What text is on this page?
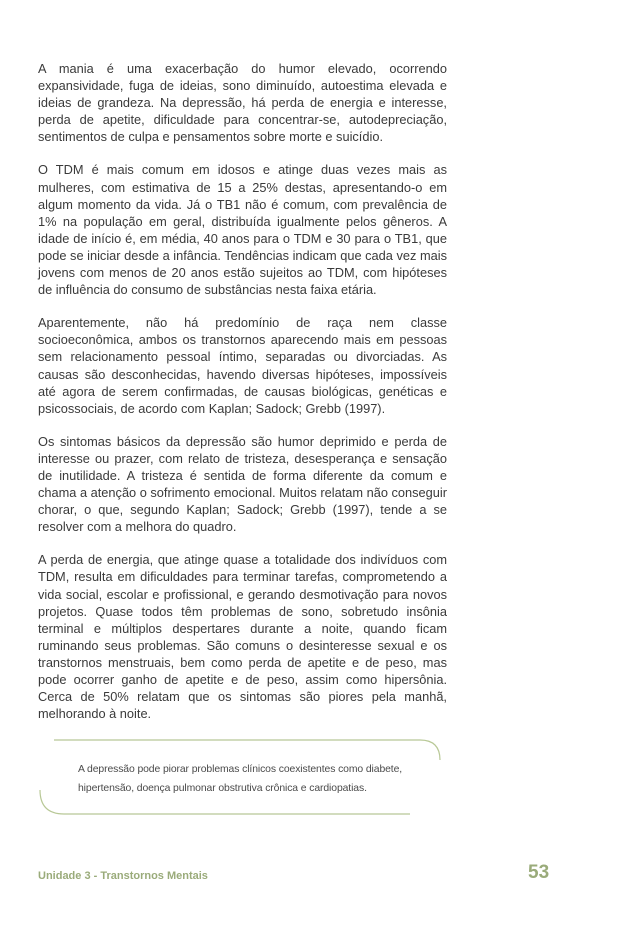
A mania é uma exacerbação do humor elevado, ocorrendo expansividade, fuga de ideias, sono diminuído, autoestima elevada e ideias de grandeza. Na depressão, há perda de energia e interesse, perda de apetite, dificuldade para concentrar-se, autodepreciação, sentimentos de culpa e pensamentos sobre morte e suicídio.

O TDM é mais comum em idosos e atinge duas vezes mais as mulheres, com estimativa de 15 a 25% destas, apresentando-o em algum momento da vida. Já o TB1 não é comum, com prevalência de 1% na população em geral, distribuída igualmente pelos gêneros. A idade de início é, em média, 40 anos para o TDM e 30 para o TB1, que pode se iniciar desde a infância. Tendências indicam que cada vez mais jovens com menos de 20 anos estão sujeitos ao TDM, com hipóteses de influência do consumo de substâncias nesta faixa etária.

Aparentemente, não há predomínio de raça nem classe socioeconômica, ambos os transtornos aparecendo mais em pessoas sem relacionamento pessoal íntimo, separadas ou divorciadas. As causas são desconhecidas, havendo diversas hipóteses, impossíveis até agora de serem confirmadas, de causas biológicas, genéticas e psicossociais, de acordo com Kaplan; Sadock; Grebb (1997).

Os sintomas básicos da depressão são humor deprimido e perda de interesse ou prazer, com relato de tristeza, desesperança e sensação de inutilidade. A tristeza é sentida de forma diferente da comum e chama a atenção o sofrimento emocional. Muitos relatam não conseguir chorar, o que, segundo Kaplan; Sadock; Grebb (1997), tende a se resolver com a melhora do quadro.

A perda de energia, que atinge quase a totalidade dos indivíduos com TDM, resulta em dificuldades para terminar tarefas, comprometendo a vida social, escolar e profissional, e gerando desmotivação para novos projetos. Quase todos têm problemas de sono, sobretudo insônia terminal e múltiplos despertares durante a noite, quando ficam ruminando seus problemas. São comuns o desinteresse sexual e os transtornos menstruais, bem como perda de apetite e de peso, mas pode ocorrer ganho de apetite e de peso, assim como hipersônia. Cerca de 50% relatam que os sintomas são piores pela manhã, melhorando à noite.

A depressão pode piorar problemas clínicos coexistentes como diabete, hipertensão, doença pulmonar obstrutiva crônica e cardiopatias.
Unidade 3 - Transtornos Mentais	53
